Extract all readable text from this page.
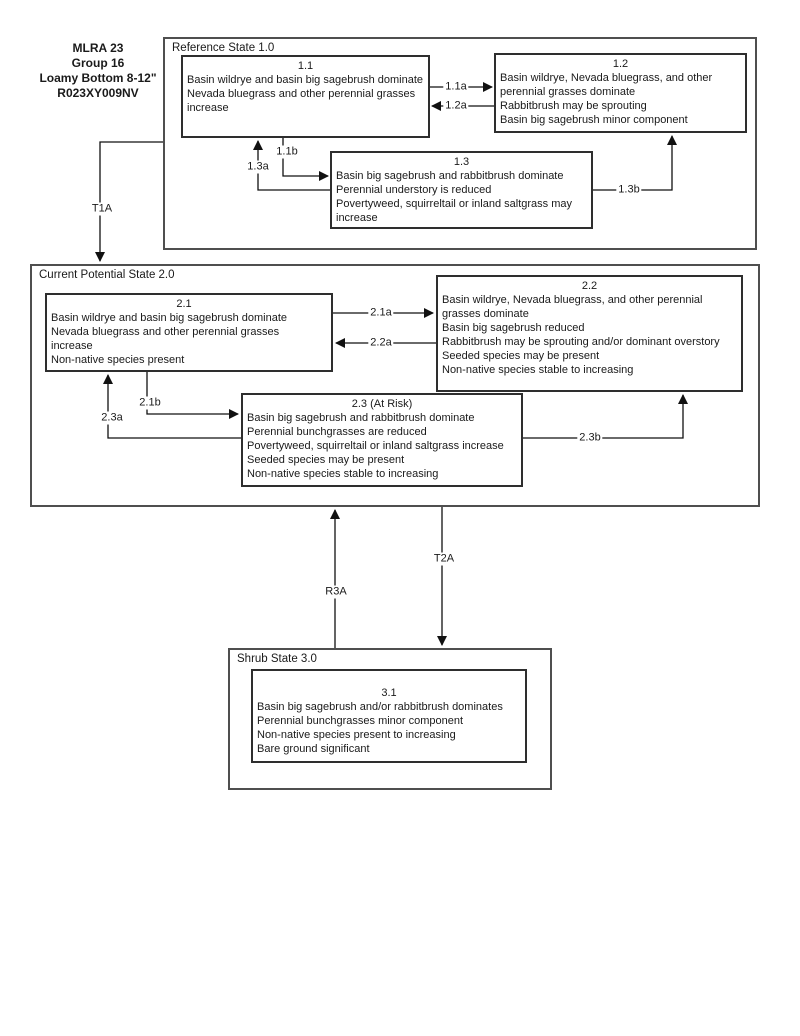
MLRA 23
Group 16
Loamy Bottom 8-12"
R023XY009NV
Reference State 1.0
Current Potential State 2.0
Shrub State 3.0
1.1
Basin wildrye and basin big sagebrush dominate
Nevada bluegrass and other perennial grasses increase
1.2
Basin wildrye, Nevada bluegrass, and other perennial grasses dominate
Rabbitbrush may be sprouting
Basin big sagebrush minor component
1.3
Basin big sagebrush and rabbitbrush dominate
Perennial understory is reduced
Povertyweed, squirreltail or inland saltgrass may increase
2.1
Basin wildrye and basin big sagebrush dominate
Nevada bluegrass and other perennial grasses increase
Non-native species present
2.2
Basin wildrye, Nevada bluegrass, and other perennial grasses dominate
Basin big sagebrush reduced
Rabbitbrush may be sprouting and/or dominant overstory
Seeded species may be present
Non-native species stable to increasing
2.3 (At Risk)
Basin big sagebrush and rabbitbrush dominate
Perennial bunchgrasses are reduced
Povertyweed, squirreltail or inland saltgrass increase
Seeded species may be present
Non-native species stable to increasing
3.1
Basin big sagebrush and/or rabbitbrush dominates
Perennial bunchgrasses minor component
Non-native species present to increasing
Bare ground significant
1.1a
1.2a
1.1b
1.3a
1.3b
T1A
2.1a
2.2a
2.1b
2.3a
2.3b
R3A
T2A
